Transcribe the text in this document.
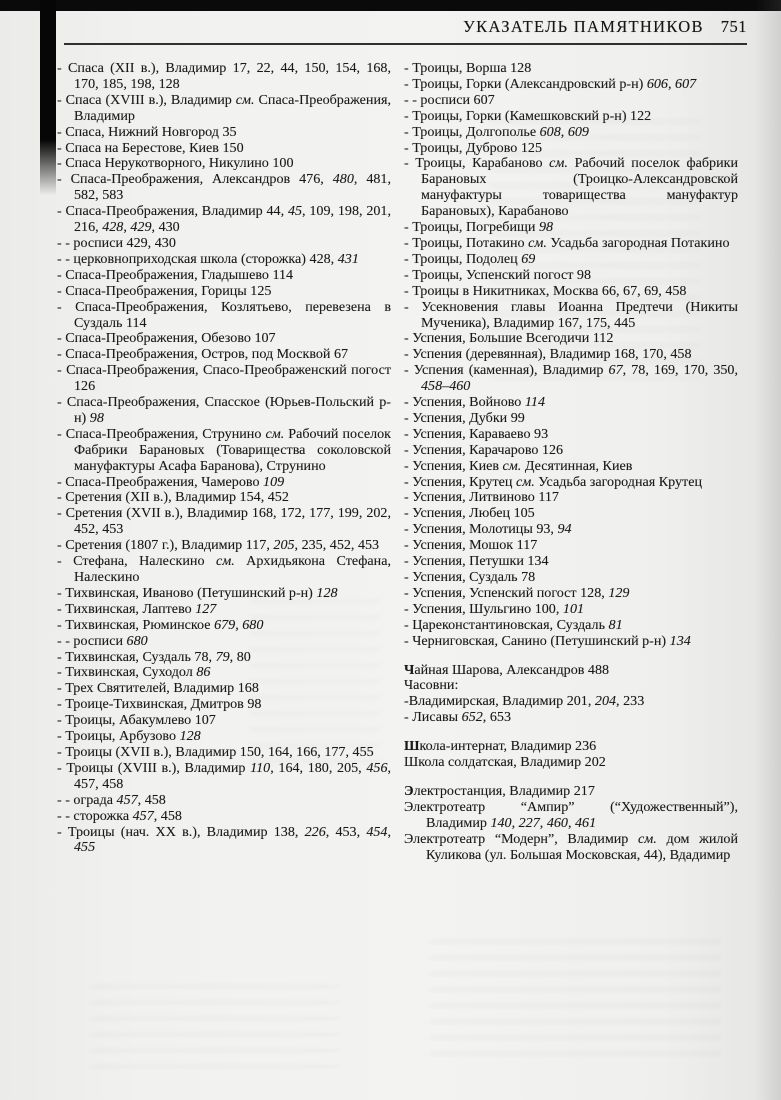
УКАЗАТЕЛЬ ПАМЯТНИКОВ 751

- Спаса (XII в.), Владимир 17, 22, 44, 150, 154, 168, 170, 185, 198, 128

- Спаса (XVIII в.), Владимир см. Спаса-Преображения, Владимир

- Спаса, Нижний Новгород 35

- Спаса на Берестове, Киев 150

- Спаса Нерукотворного, Никулино 100

- Спаса-Преображения, Александров 476, 480, 481, 582, 583

- Спаса-Преображения, Владимир 44, 45, 109, 198, 201, 216, 428, 429, 430

- - росписи 429, 430

- - церковноприходская школа (сторожка) 428, 431

- Спаса-Преображения, Гладышево 114

- Спаса-Преображения, Горицы 125

- Спаса-Преображения, Козлятьево, перевезена в Суздаль 114

- Спаса-Преображения, Обезово 107

- Спаса-Преображения, Остров, под Москвой 67

- Спаса-Преображения, Спасо-Преображенский погост 126

- Спаса-Преображения, Спасское (Юрьев-Польский р-н) 98

- Спаса-Преображения, Струнино см. Рабочий поселок Фабрики Барановых (Товарищества соколовской мануфактуры Асафа Баранова), Струнино

- Спаса-Преображения, Чамерово 109

- Сретения (XII в.), Владимир 154, 452

- Сретения (XVII в.), Владимир 168, 172, 177, 199, 202, 452, 453

- Сретения (1807 г.), Владимир 117, 205, 235, 452, 453

- Стефана, Налескино см. Архидьякона Стефана, Налескино

- Тихвинская, Иваново (Петушинский р-н) 128

- Тихвинская, Лаптево 127

- Тихвинская, Рюминское 679, 680

- - росписи 680

- Тихвинская, Суздаль 78, 79, 80

- Тихвинская, Суходол 86

- Трех Святителей, Владимир 168

- Троице-Тихвинская, Дмитров 98

- Троицы, Абакумлево 107

- Троицы, Арбузово 128

- Троицы (XVII в.), Владимир 150, 164, 166, 177, 455

- Троицы (XVIII в.), Владимир 110, 164, 180, 205, 456, 457, 458

- - ограда 457, 458

- - сторожка 457, 458

- Троицы (нач. XX в.), Владимир 138, 226, 453, 454, 455

- Троицы, Ворша 128

- Троицы, Горки (Александровский р-н) 606, 607

- - росписи 607

- Троицы, Горки (Камешковский р-н) 122

- Троицы, Долгополье 608, 609

- Троицы, Дуброво 125

- Троицы, Карабаново см. Рабочий поселок фабрики Барановых (Троицко-Александровской мануфактуры товарищества мануфактур Барановых), Карабаново

- Троицы, Погребищи 98

- Троицы, Потакино см. Усадьба загородная Потакино

- Троицы, Подолец 69

- Троицы, Успенский погост 98

- Троицы в Никитниках, Москва 66, 67, 69, 458

- Усекновения главы Иоанна Предтечи (Никиты Мученика), Владимир 167, 175, 445

- Успения, Большие Всегодичи 112

- Успения (деревянная), Владимир 168, 170, 458

- Успения (каменная), Владимир 67, 78, 169, 170, 350, 458–460

- Успения, Войново 114

- Успения, Дубки 99

- Успения, Караваево 93

- Успения, Карачарово 126

- Успения, Киев см. Десятинная, Киев

- Успения, Крутец см. Усадьба загородная Крутец

- Успения, Литвиново 117

- Успения, Любец 105

- Успения, Молотицы 93, 94

- Успения, Мошок 117

- Успения, Петушки 134

- Успения, Суздаль 78

- Успения, Успенский погост 128, 129

- Успения, Шульгино 100, 101

- Цареконстантиновская, Суздаль 81

- Черниговская, Санино (Петушинский р-н) 134

Чайная Шарова, Александров 488

Часовни:

-Владимирская, Владимир 201, 204, 233

- Лисавы 652, 653

Школа-интернат, Владимир 236

Школа солдатская, Владимир 202

Электростанция, Владимир 217

Электротеатр “Ампир” (“Художественный”), Владимир 140, 227, 460, 461

Электротеатр “Модерн”, Владимир см. дом жилой Куликова (ул. Большая Московская, 44), Вдадимир
